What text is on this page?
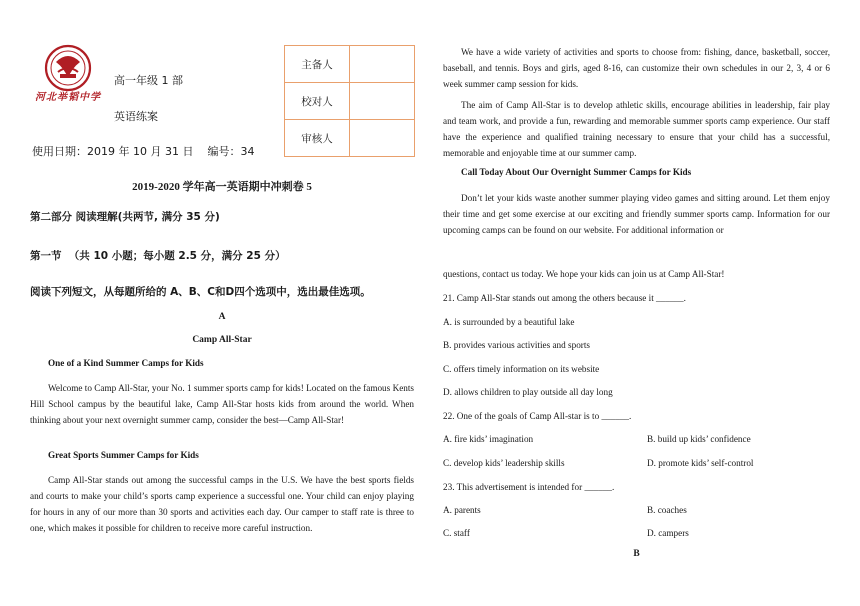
河北举韬中学
高一年级 1 部
英语练案
使用日期：2019 年 10 月 31 日    编号：34
主备人	
校对人	
审核人	
2019-2020 学年高一英语期中冲刺卷 5
第二部分 阅读理解(共两节, 满分 35 分)
第一节  （共 10 小题；每小题 2.5 分，满分 25 分）
阅读下列短文，从每题所给的 A、B、C和D四个选项中，选出最佳选项。
A
Camp All-Star
One of a Kind Summer Camps for Kids

Welcome to Camp All-Star, your No. 1 summer sports camp for kids! Located on the famous Kents Hill School campus by the beautiful lake, Camp All-Star hosts kids from around the world. When thinking about your next overnight summer camp, consider the best—Camp All-Star!

Great Sports Summer Camps for Kids

Camp All-Star stands out among the successful camps in the U.S. We have the best sports fields and courts to make your child’s sports camp experience a successful one. Your child can enjoy playing for hours in any of our more than 30 sports and activities each day. Our camper to staff rate is three to one, which makes it possible for children to receive more careful instruction.

We have a wide variety of activities and sports to choose from: fishing, dance, basketball, soccer, baseball, and tennis. Boys and girls, aged 8-16, can customize their own schedules in our 2, 3, 4 or 6 week summer camp session for kids.

The aim of Camp All-Star is to develop athletic skills, encourage abilities in leadership, fair play and team work, and provide a fun, rewarding and memorable summer sports camp experience. Our staff have the experience and qualified training necessary to ensure that your child has a successful, memorable and enjoyable time at our summer camp.

Call Today About Our Overnight Summer Camps for Kids

Don’t let your kids waste another summer playing video games and sitting around. Let them enjoy their time and get some exercise at our exciting and friendly summer sports camp. Information for our upcoming camps can be found on our website. For additional information or

questions, contact us today. We hope your kids can join us at Camp All-Star!

21. Camp All-Star stands out among the others because it ______.
A. is surrounded by a beautiful lake
B. provides various activities and sports
C. offers timely information on its website
D. allows children to play outside all day long
22. One of the goals of Camp All-star is to ______.
A. fire kids’ imagination	B. build up kids’ confidence
C. develop kids’ leadership skills	D. promote kids’ self-control
23. This advertisement is intended for ______.
A. parents	B. coaches
C. staff	D. campers
B
